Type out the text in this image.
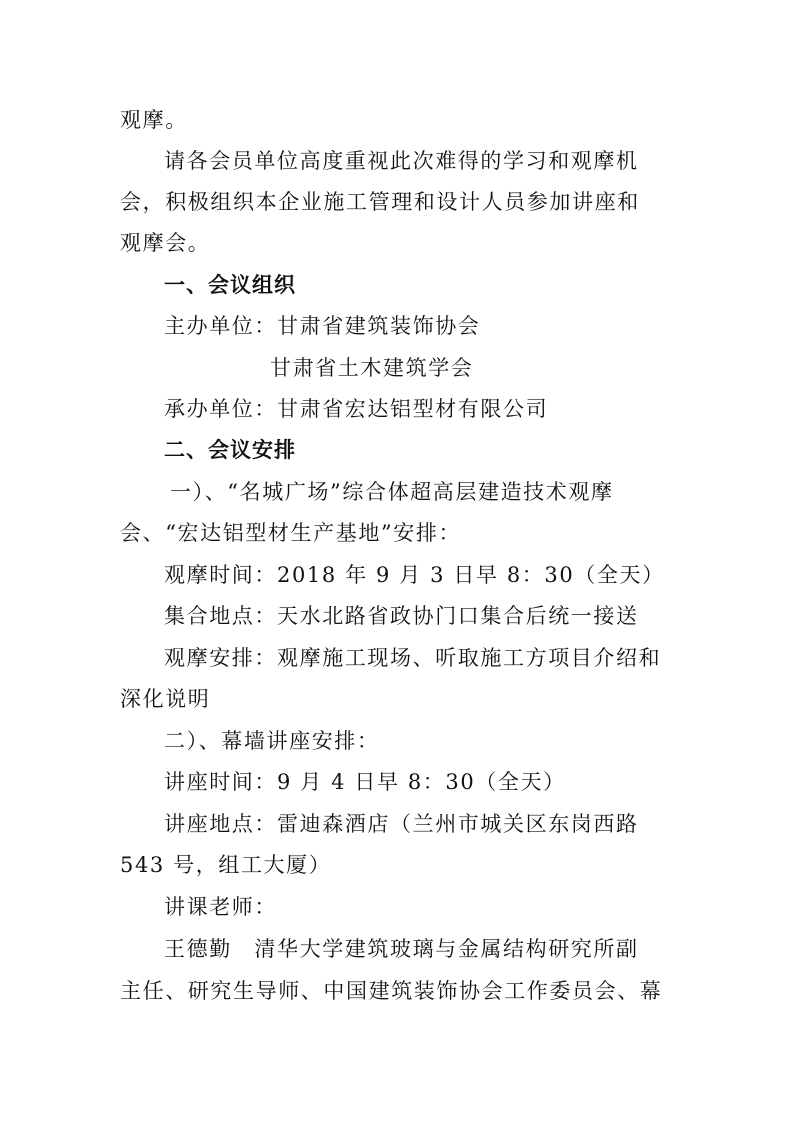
观摩。
请各会员单位高度重视此次难得的学习和观摩机
会，积极组织本企业施工管理和设计人员参加讲座和
观摩会。
一、会议组织
主办单位：甘肃省建筑装饰协会
甘肃省土木建筑学会
承办单位：甘肃省宏达铝型材有限公司
二、会议安排
一）、“名城广场”综合体超高层建造技术观摩
会、“宏达铝型材生产基地”安排：
观摩时间：2018 年 9 月 3 日早 8：30（全天）
集合地点：天水北路省政协门口集合后统一接送
观摩安排：观摩施工现场、听取施工方项目介绍和
深化说明
二）、幕墙讲座安排：
讲座时间：9 月 4 日早 8：30（全天）
讲座地点：雷迪森酒店（兰州市城关区东岗西路
543 号，组工大厦）
讲课老师：
王德勤　清华大学建筑玻璃与金属结构研究所副
主任、研究生导师、中国建筑装饰协会工作委员会、幕
